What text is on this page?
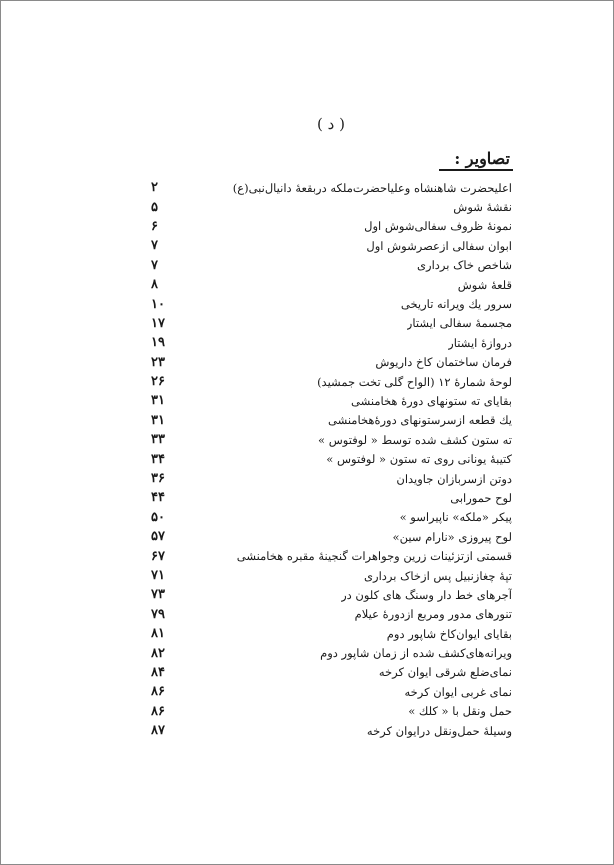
( د )
تصاویر :
۲	اعلیحضرت شاهنشاه وعلیاحضرت‌ملکه دربقعهٔ دانیال‌نبی(ع)
۵	نقشهٔ شوش
۶	نمونهٔ ظروف سفالی‌شوش اول
۷	ابوان سفالی ازعصرشوش اول
۷	شاخص خاک برداری
۸	قلعهٔ شوش
۱۰	سرور یك ویرانه تاریخی
۱۷	مجسمهٔ سفالی ایشتار
۱۹	دروازهٔ ایشتار
۲۳	فرمان ساختمان کاخ داریوش
۲۶	لوحهٔ شمارهٔ ۱۲ (الواح گلی تخت جمشید)
۳۱	بقایای ته ستونهای دورهٔ هخامنشی
۳۱	یك قطعه ازسرستونهای دورهٔ‌هخامنشی
۳۳	ته ستون کشف شده توسط « لوفتوس »
۳۴	کتیبهٔ یونانی روی ته ستون « لوفتوس »
۳۶	دوتن ازسربازان جاویدان
۴۴	لوح حمورابی
۵۰	پیکر «ملکه» ناپیراسو »
۵۷	لوح پیروزی «نارام سین»
۶۷	قسمتی ازتزئینات زرین وجواهرات گنجینهٔ مقبره هخامنشی
۷۱	تپهٔ چغازنبیل پس ازخاک برداری
۷۳	آجرهای خط دار وسنگ های کلون در
۷۹	تنورهای مدور ومربع ازدورهٔ عیلام
۸۱	بقایای ایوان‌کاخ شاپور دوم
۸۲	ویرانه‌های‌کشف شده از زمان شاپور دوم
۸۴	نمای‌ضلع شرقی ایوان کرخه
۸۶	نمای غربی ایوان کرخه
۸۶	حمل ونقل با « کلك »
۸۷	وسیلهٔ حمل‌ونقل درایوان کرخه
